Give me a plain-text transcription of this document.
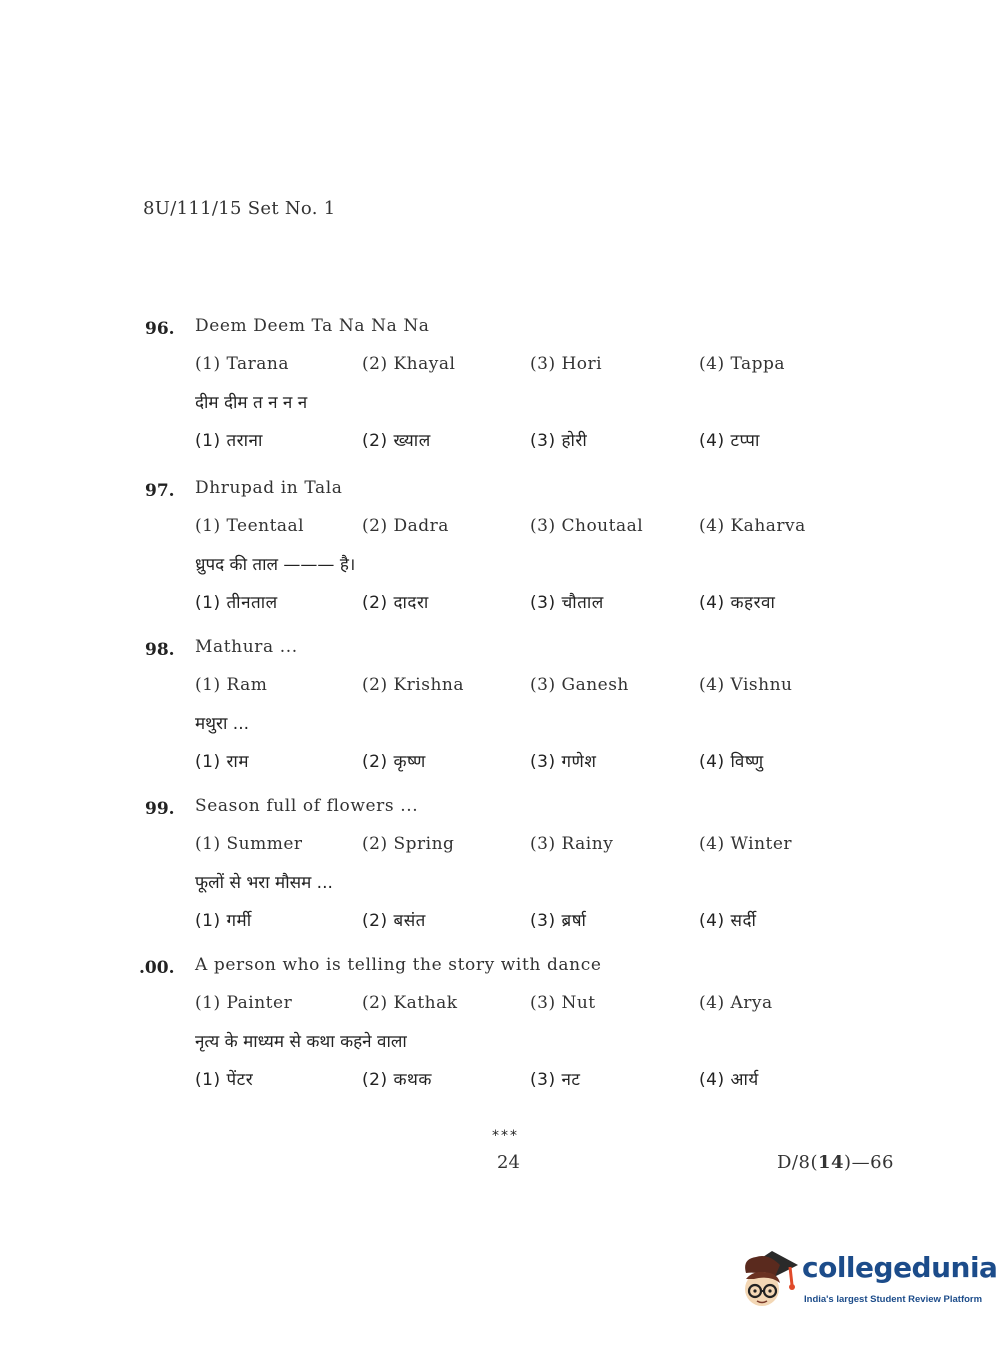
8U/111/15 Set No. 1
96. Deem Deem Ta Na Na Na
(1) Tarana	(2) Khayal	(3) Hori	(4) Tappa
दीम दीम त न न न
(1) तराना	(2) ख्याल	(3) होरी	(4) टप्पा
97. Dhrupad in Tala
(1) Teentaal	(2) Dadra	(3) Choutaal	(4) Kaharva
ध्रुपद की ताल ——— है।
(1) तीनताल	(2) दादरा	(3) चौताल	(4) कहरवा
98. Mathura ...
(1) Ram	(2) Krishna	(3) Ganesh	(4) Vishnu
मथुरा ...
(1) राम	(2) कृष्ण	(3) गणेश	(4) विष्णु
99. Season full of flowers ...
(1) Summer	(2) Spring	(3) Rainy	(4) Winter
फूलों से भरा मौसम ...
(1) गर्मी	(2) बसंत	(3) ब्रर्षा	(4) सर्दी
.00. A person who is telling the story with dance
(1) Painter	(2) Kathak	(3) Nut	(4) Arya
नृत्य के माध्यम से कथा कहने वाला
(1) पेंटर	(2) कथक	(3) नट	(4) आर्य
***
24	D/8(14)—66
collegedunia
India's largest Student Review Platform
